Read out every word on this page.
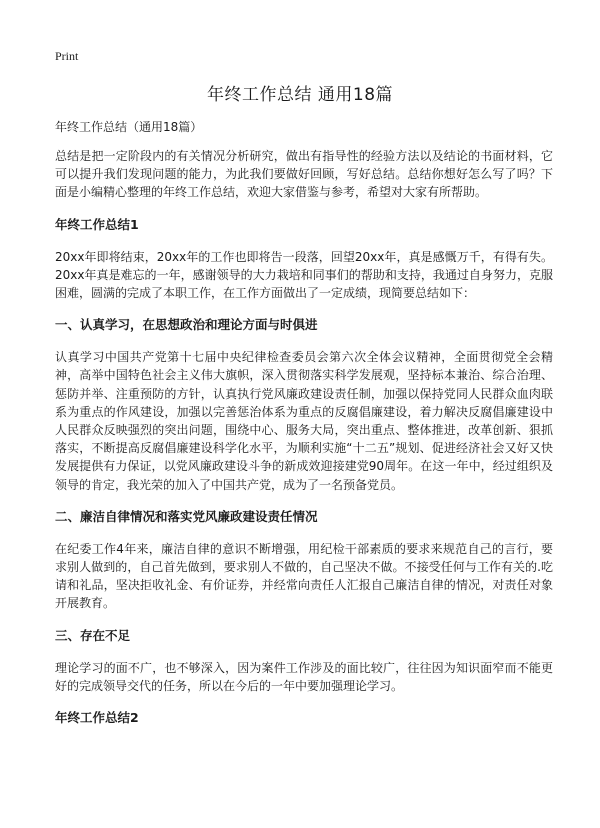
Print
年终工作总结 通用18篇
年终工作总结（通用18篇）

总结是把一定阶段内的有关情况分析研究，做出有指导性的经验方法以及结论的书面材料，它可以提升我们发现问题的能力，为此我们要做好回顾，写好总结。总结你想好怎么写了吗？下面是小编精心整理的年终工作总结，欢迎大家借鉴与参考，希望对大家有所帮助。

年终工作总结1

20xx年即将结束，20xx年的工作也即将告一段落，回望20xx年，真是感慨万千，有得有失。20xx年真是难忘的一年，感谢领导的大力栽培和同事们的帮助和支持，我通过自身努力，克服困难，圆满的完成了本职工作，在工作方面做出了一定成绩，现简要总结如下：

一、认真学习，在思想政治和理论方面与时俱进

认真学习中国共产党第十七届中央纪律检查委员会第六次全体会议精神，全面贯彻党全会精神，高举中国特色社会主义伟大旗帜，深入贯彻落实科学发展观，坚持标本兼治、综合治理、惩防并举、注重预防的方针，认真执行党风廉政建设责任制，加强以保持党同人民群众血肉联系为重点的作风建设，加强以完善惩治体系为重点的反腐倡廉建设，着力解决反腐倡廉建设中人民群众反映强烈的突出问题，围绕中心、服务大局，突出重点、整体推进，改革创新、狠抓落实，不断提高反腐倡廉建设科学化水平，为顺利实施“十二五”规划、促进经济社会又好又快发展提供有力保证，以党风廉政建设斗争的新成效迎接建党90周年。在这一年中，经过组织及领导的肯定，我光荣的加入了中国共产党，成为了一名预备党员。

二、廉洁自律情况和落实党风廉政建设责任情况

在纪委工作4年来，廉洁自律的意识不断增强，用纪检干部素质的要求来规范自己的言行，要求别人做到的，自己首先做到，要求别人不做的，自己坚决不做。不接受任何与工作有关的.吃请和礼品，坚决拒收礼金、有价证券，并经常向责任人汇报自己廉洁自律的情况，对责任对象开展教育。

三、存在不足

理论学习的面不广，也不够深入，因为案件工作涉及的面比较广，往往因为知识面窄而不能更好的完成领导交代的任务，所以在今后的一年中要加强理论学习。

年终工作总结2
